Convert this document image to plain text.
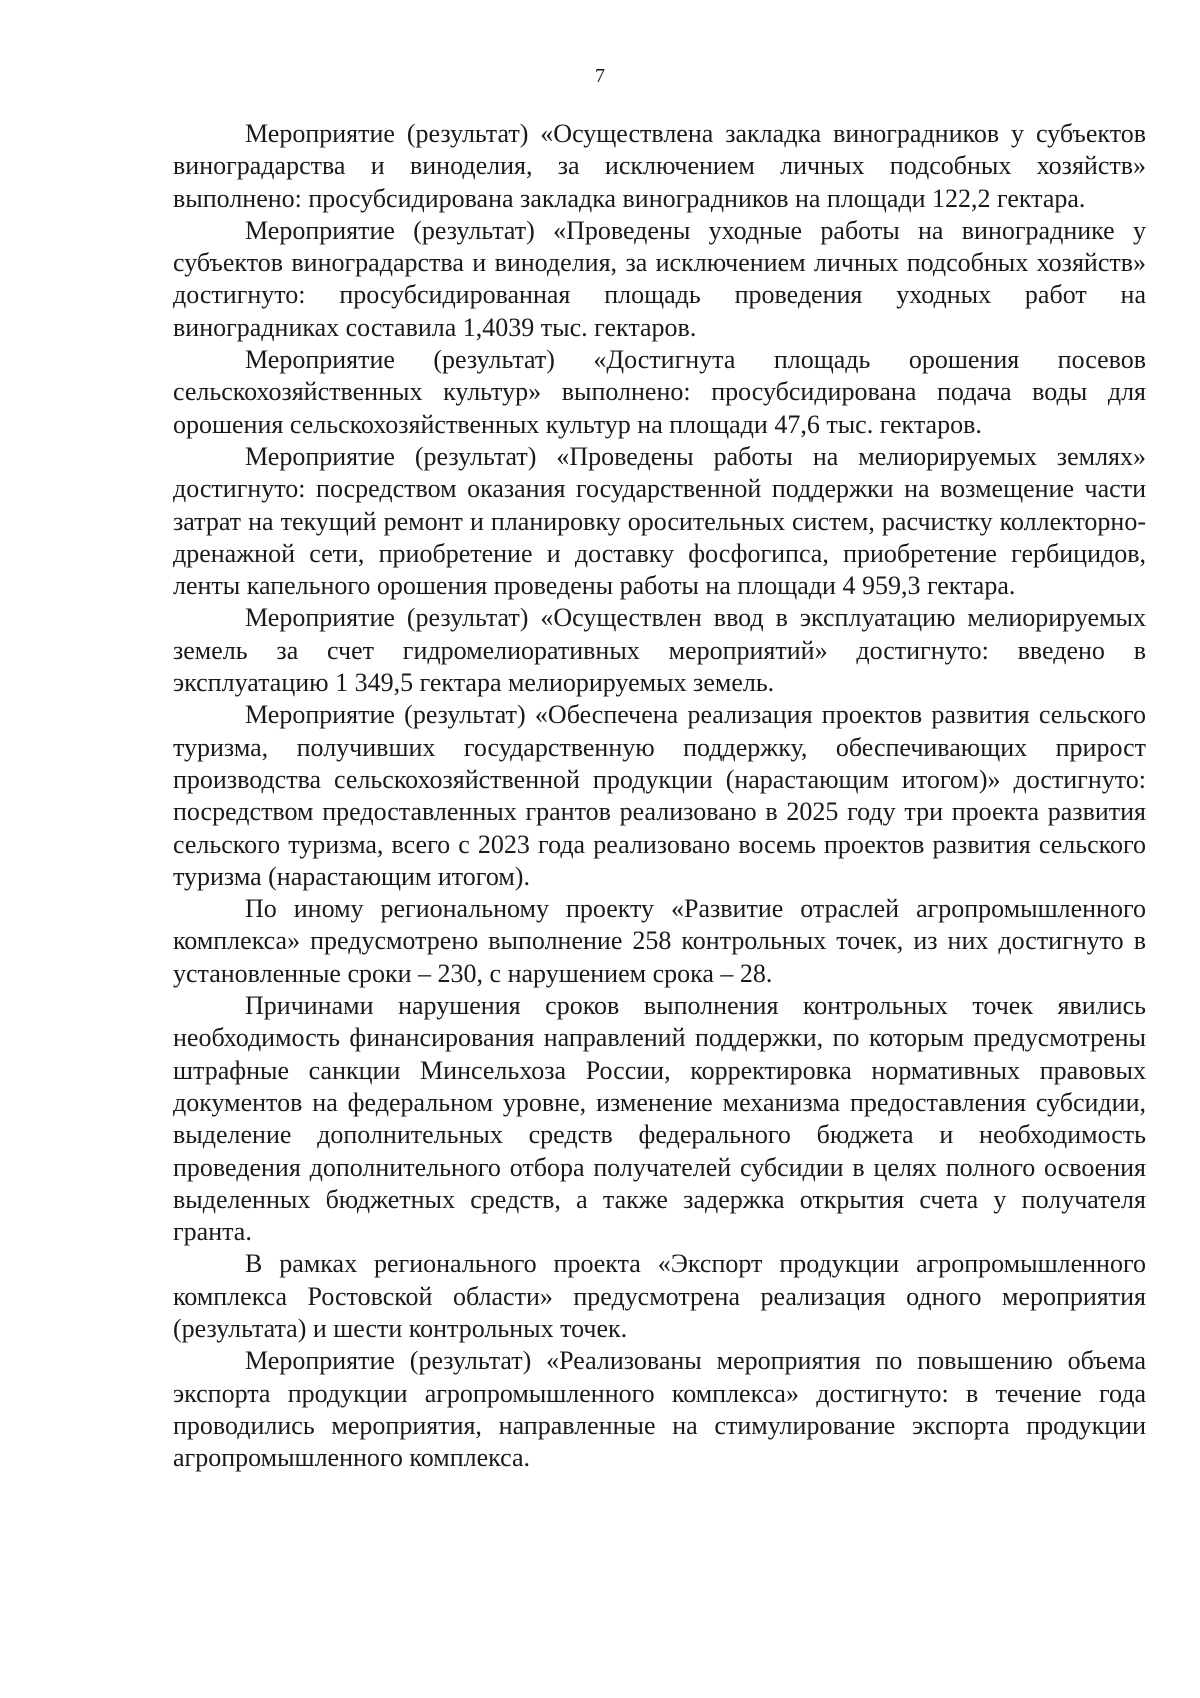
7

Мероприятие (результат) «Осуществлена закладка виноградников у субъектов виноградарства и виноделия, за исключением личных подсобных хозяйств» выполнено: просубсидирована закладка виноградников на площади 122,2 гектара.

Мероприятие (результат) «Проведены уходные работы на винограднике у субъектов виноградарства и виноделия, за исключением личных подсобных хозяйств» достигнуто: просубсидированная площадь проведения уходных работ на виноградниках составила 1,4039 тыс. гектаров.

Мероприятие (результат) «Достигнута площадь орошения посевов сельскохозяйственных культур» выполнено: просубсидирована подача воды для орошения сельскохозяйственных культур на площади 47,6 тыс. гектаров.

Мероприятие (результат) «Проведены работы на мелиорируемых землях» достигнуто: посредством оказания государственной поддержки на возмещение части затрат на текущий ремонт и планировку оросительных систем, расчистку коллекторно-дренажной сети, приобретение и доставку фосфогипса, приобретение гербицидов, ленты капельного орошения проведены работы на площади 4 959,3 гектара.

Мероприятие (результат) «Осуществлен ввод в эксплуатацию мелиорируемых земель за счет гидромелиоративных мероприятий» достигнуто: введено в эксплуатацию 1 349,5 гектара мелиорируемых земель.

Мероприятие (результат) «Обеспечена реализация проектов развития сельского туризма, получивших государственную поддержку, обеспечивающих прирост производства сельскохозяйственной продукции (нарастающим итогом)» достигнуто: посредством предоставленных грантов реализовано в 2025 году три проекта развития сельского туризма, всего с 2023 года реализовано восемь проектов развития сельского туризма (нарастающим итогом).

По иному региональному проекту «Развитие отраслей агропромышленного комплекса» предусмотрено выполнение 258 контрольных точек, из них достигнуто в установленные сроки – 230, с нарушением срока – 28.

Причинами нарушения сроков выполнения контрольных точек явились необходимость финансирования направлений поддержки, по которым предусмотрены штрафные санкции Минсельхоза России, корректировка нормативных правовых документов на федеральном уровне, изменение механизма предоставления субсидии, выделение дополнительных средств федерального бюджета и необходимость проведения дополнительного отбора получателей субсидии в целях полного освоения выделенных бюджетных средств, а также задержка открытия счета у получателя гранта.

В рамках регионального проекта «Экспорт продукции агропромышленного комплекса Ростовской области» предусмотрена реализация одного мероприятия (результата) и шести контрольных точек.

Мероприятие (результат) «Реализованы мероприятия по повышению объема экспорта продукции агропромышленного комплекса» достигнуто: в течение года проводились мероприятия, направленные на стимулирование экспорта продукции агропромышленного комплекса.
